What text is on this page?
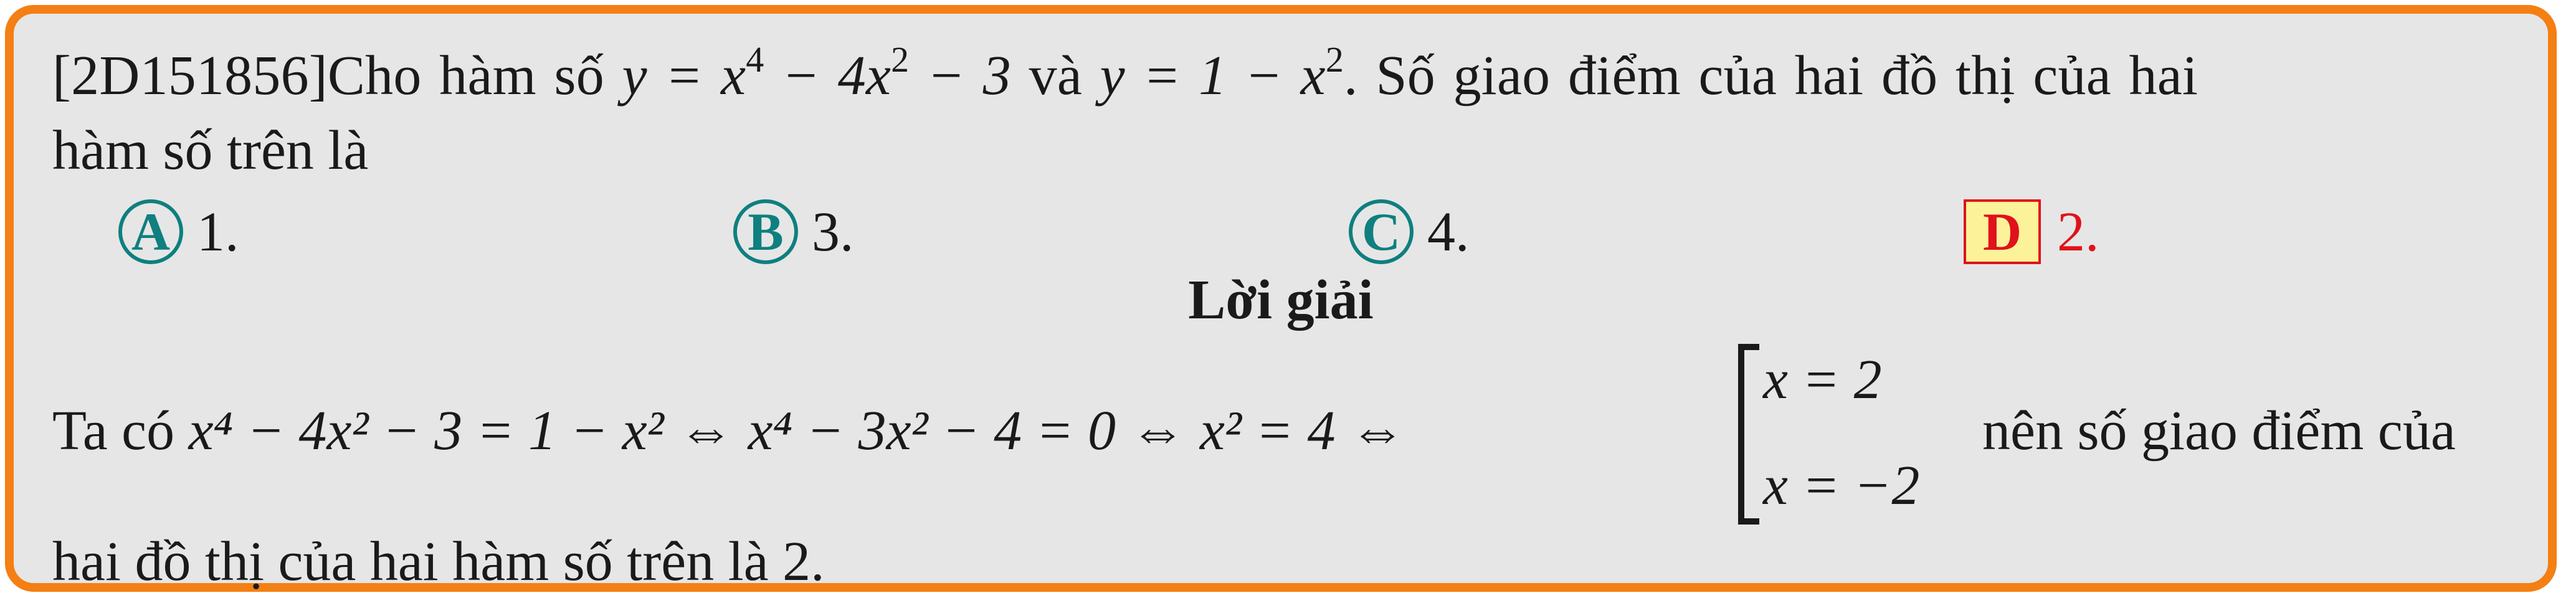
[2D151856]Cho hàm số $y = x^4 - 4x^2 - 3$ và $y = 1 - x^2$. Số giao điểm của hai đồ thị của hai
hàm số trên là
A 1.	B 3.	C 4.	D 2.
Lời giải
Ta có x⁴ − 4x² − 3 = 1 − x² ⇔ x⁴ − 3x² − 4 = 0 ⇔ x² = 4 ⇔
x = 2
x = −2
nên số giao điểm của
hai đồ thị của hai hàm số trên là 2.
